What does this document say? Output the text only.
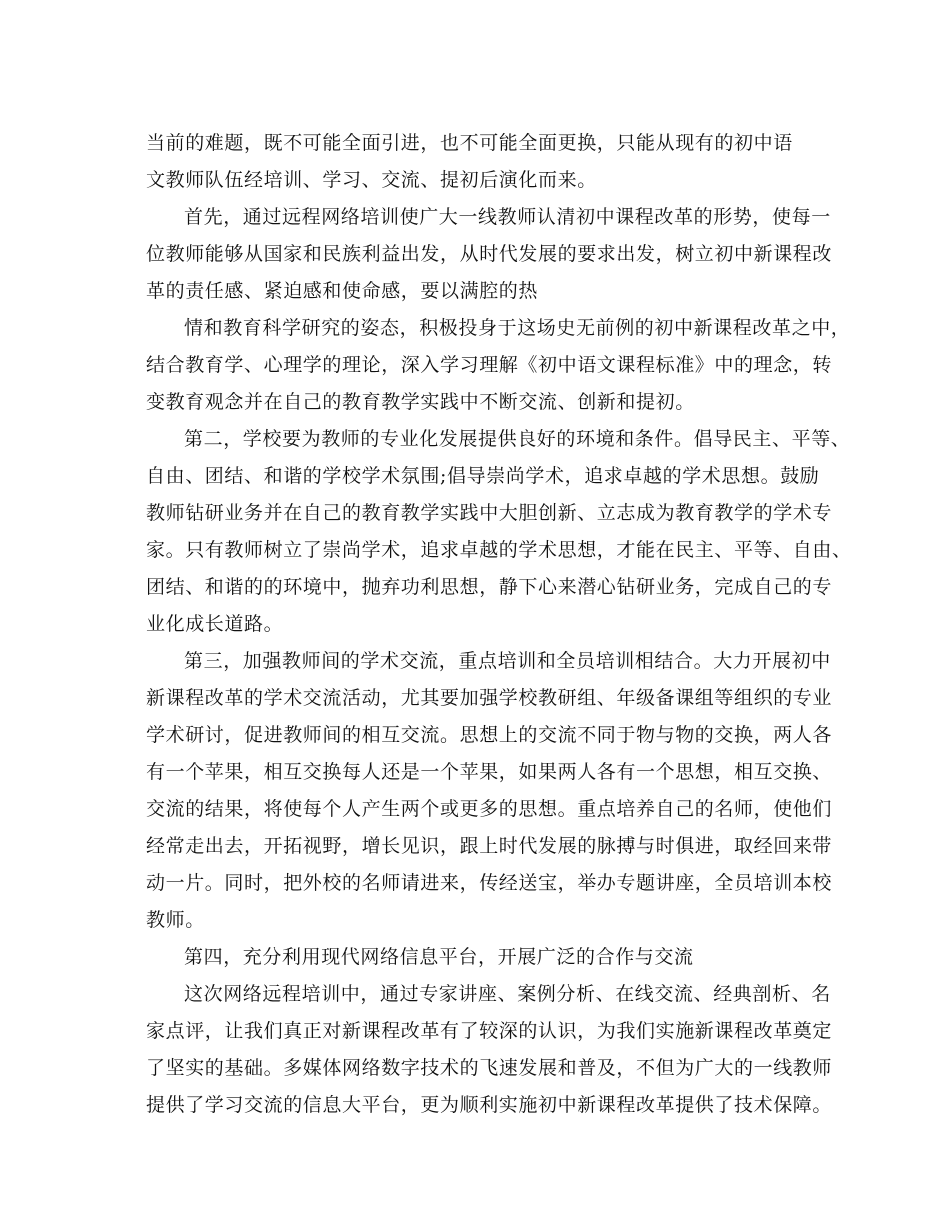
当前的难题，既不可能全面引进，也不可能全面更换，只能从现有的初中语
文教师队伍经培训、学习、交流、提初后演化而来。
首先，通过远程网络培训使广大一线教师认清初中课程改革的形势，使每一
位教师能够从国家和民族利益出发，从时代发展的要求出发，树立初中新课程改
革的责任感、紧迫感和使命感，要以满腔的热
情和教育科学研究的姿态，积极投身于这场史无前例的初中新课程改革之中，
结合教育学、心理学的理论，深入学习理解《初中语文课程标准》中的理念，转
变教育观念并在自己的教育教学实践中不断交流、创新和提初。
第二，学校要为教师的专业化发展提供良好的环境和条件。倡导民主、平等、
自由、团结、和谐的学校学术氛围;倡导崇尚学术，追求卓越的学术思想。鼓励
教师钻研业务并在自己的教育教学实践中大胆创新、立志成为教育教学的学术专
家。只有教师树立了崇尚学术，追求卓越的学术思想，才能在民主、平等、自由、
团结、和谐的的环境中，抛弃功利思想，静下心来潜心钻研业务，完成自己的专
业化成长道路。
第三，加强教师间的学术交流，重点培训和全员培训相结合。大力开展初中
新课程改革的学术交流活动，尤其要加强学校教研组、年级备课组等组织的专业
学术研讨，促进教师间的相互交流。思想上的交流不同于物与物的交换，两人各
有一个苹果，相互交换每人还是一个苹果，如果两人各有一个思想，相互交换、
交流的结果，将使每个人产生两个或更多的思想。重点培养自己的名师，使他们
经常走出去，开拓视野，增长见识，跟上时代发展的脉搏与时俱进，取经回来带
动一片。同时，把外校的名师请进来，传经送宝，举办专题讲座，全员培训本校
教师。
第四，充分利用现代网络信息平台，开展广泛的合作与交流
这次网络远程培训中，通过专家讲座、案例分析、在线交流、经典剖析、名
家点评，让我们真正对新课程改革有了较深的认识，为我们实施新课程改革奠定
了坚实的基础。多媒体网络数字技术的飞速发展和普及，不但为广大的一线教师
提供了学习交流的信息大平台，更为顺利实施初中新课程改革提供了技术保障。
